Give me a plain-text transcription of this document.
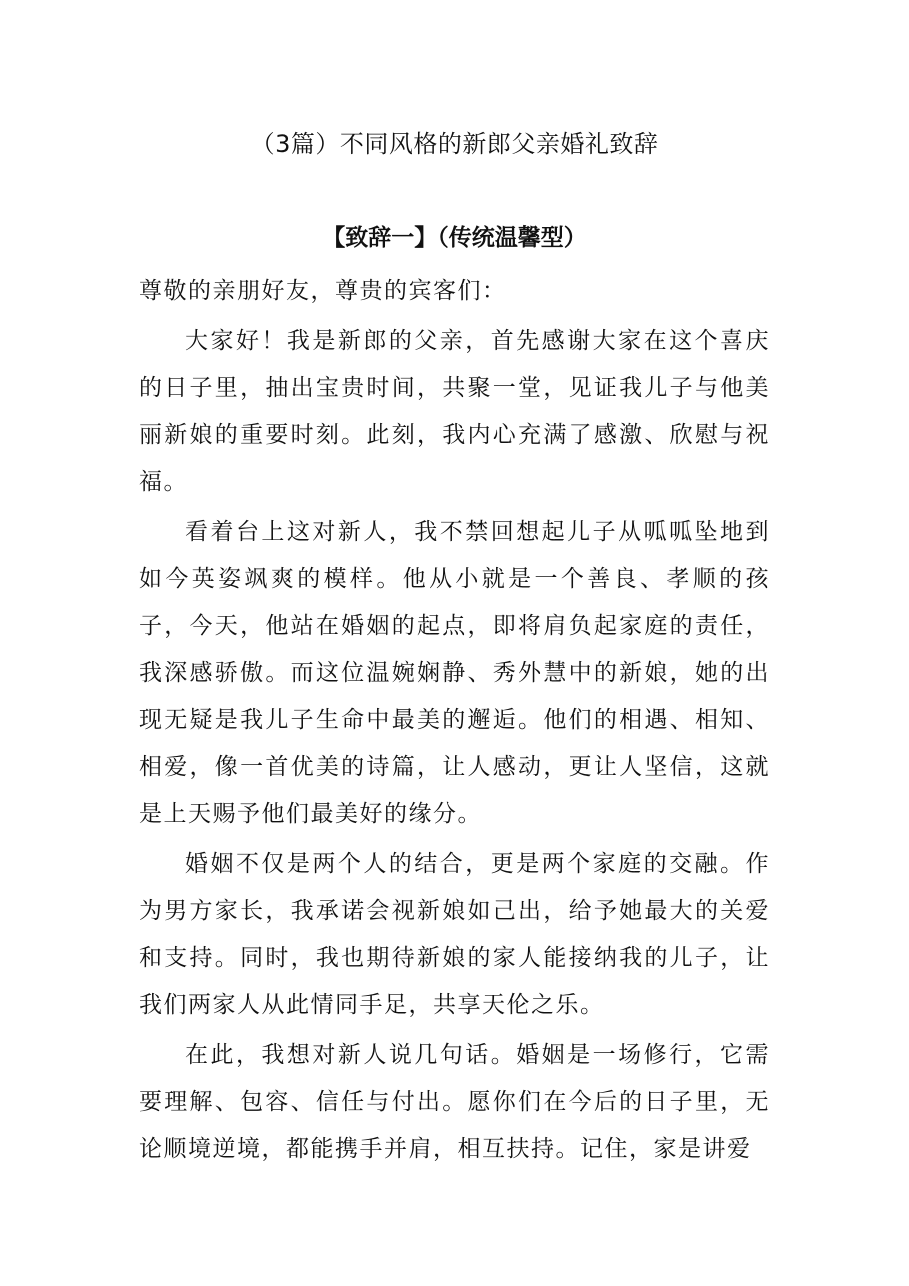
（3篇）不同风格的新郎父亲婚礼致辞
【致辞一】（传统温馨型）

尊敬的亲朋好友，尊贵的宾客们：

大家好！我是新郎的父亲，首先感谢大家在这个喜庆的日子里，抽出宝贵时间，共聚一堂，见证我儿子与他美丽新娘的重要时刻。此刻，我内心充满了感激、欣慰与祝福。

看着台上这对新人，我不禁回想起儿子从呱呱坠地到如今英姿飒爽的模样。他从小就是一个善良、孝顺的孩子，今天，他站在婚姻的起点，即将肩负起家庭的责任，我深感骄傲。而这位温婉娴静、秀外慧中的新娘，她的出现无疑是我儿子生命中最美的邂逅。他们的相遇、相知、相爱，像一首优美的诗篇，让人感动，更让人坚信，这就是上天赐予他们最美好的缘分。

婚姻不仅是两个人的结合，更是两个家庭的交融。作为男方家长，我承诺会视新娘如己出，给予她最大的关爱和支持。同时，我也期待新娘的家人能接纳我的儿子，让我们两家人从此情同手足，共享天伦之乐。

在此，我想对新人说几句话。婚姻是一场修行，它需要理解、包容、信任与付出。愿你们在今后的日子里，无论顺境逆境，都能携手并肩，相互扶持。记住，家是讲爱
